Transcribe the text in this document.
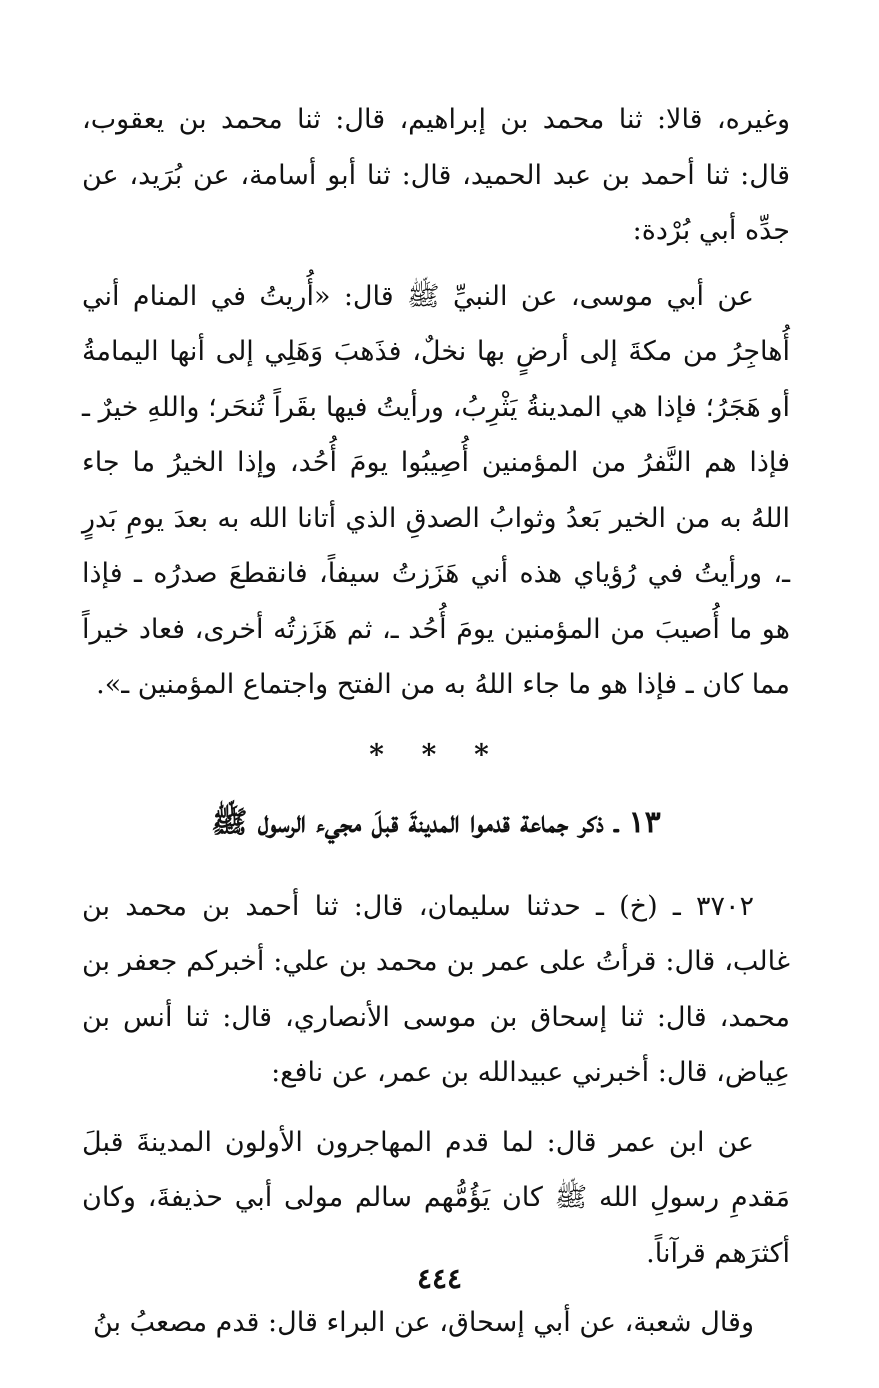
وغيره، قالا: ثنا محمد بن إبراهيم، قال: ثنا محمد بن يعقوب، قال: ثنا أحمد بن عبد الحميد، قال: ثنا أبو أسامة، عن بُرَيد، عن جدِّه أبي بُرْدة:

عن أبي موسى، عن النبيِّ ﷺ قال: «أُريتُ في المنام أني أُهاجِرُ من مكةَ إلى أرضٍ بها نخلٌ، فذَهبَ وَهَلِي إلى أنها اليمامةُ أو هَجَرُ؛ فإذا هي المدينةُ يَثْرِبُ، ورأيتُ فيها بقَراً تُنحَر؛ واللهِ خيرٌ ـ فإذا هم النَّفرُ من المؤمنين أُصِيبُوا يومَ أُحُد، وإذا الخيرُ ما جاء اللهُ به من الخير بَعدُ وثوابُ الصدقِ الذي أتانا الله به بعدَ يومِ بَدرٍ ـ، ورأيتُ في رُؤياي هذه أني هَزَزتُ سيفاً، فانقطعَ صدرُه ـ فإذا هو ما أُصيبَ من المؤمنين يومَ أُحُد ـ، ثم هَزَزتُه أخرى، فعاد خيراً مما كان ـ فإذا هو ما جاء اللهُ به من الفتح واجتماع المؤمنين ـ».

* * *
١٣ ـ ذكر جماعة قدموا المدينةَ قبلَ مجيء الرسول ﷺ

٣٧٠٢ ـ (خ) ـ حدثنا سليمان، قال: ثنا أحمد بن محمد بن غالب، قال: قرأتُ على عمر بن محمد بن علي: أخبركم جعفر بن محمد، قال: ثنا إسحاق بن موسى الأنصاري، قال: ثنا أنس بن عِياض، قال: أخبرني عبيدالله بن عمر، عن نافع:

عن ابن عمر قال: لما قدم المهاجرون الأولون المدينةَ قبلَ مَقدمِ رسولِ الله ﷺ كان يَؤُمُّهم سالم مولى أبي حذيفةَ، وكان أكثرَهم قرآناً.

وقال شعبة، عن أبي إسحاق، عن البراء قال: قدم مصعبُ بنُ

٤٤٤
